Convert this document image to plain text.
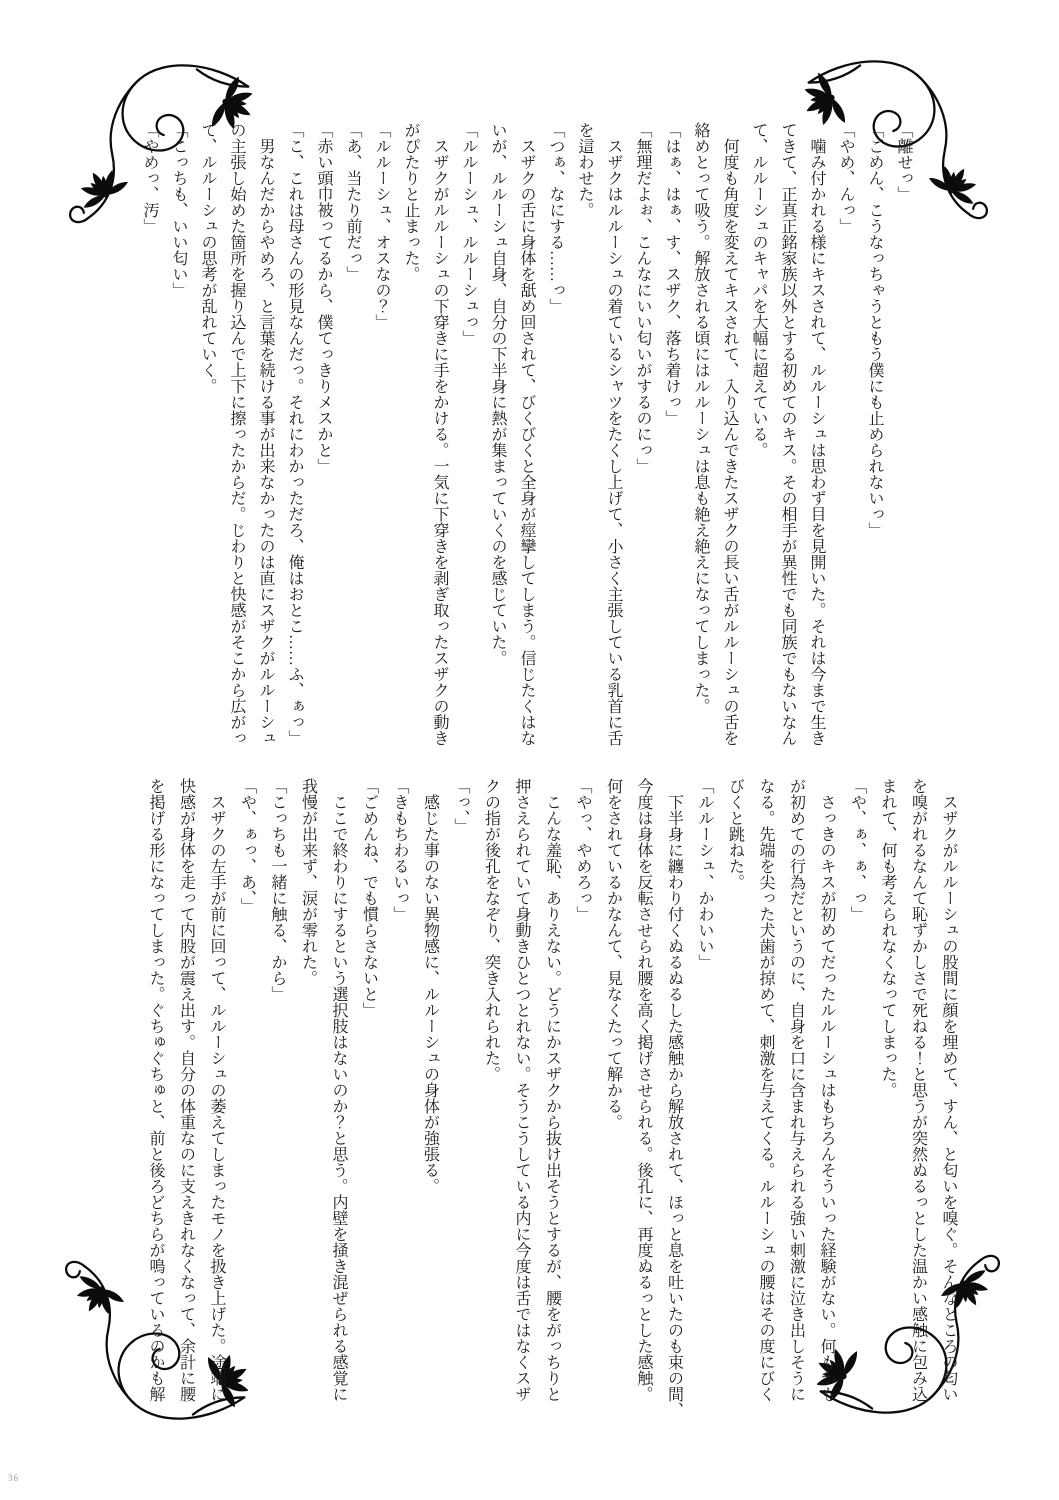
「離せっ」

「ごめん、こうなっちゃうともう僕にも止められないっ」

「やめ、んっ」

　噛み付かれる様にキスされて、ルルーシュは思わず目を見開いた。それは今まで生き

てきて、正真正銘家族以外とする初めてのキス。その相手が異性でも同族でもないなん

て、ルルーシュのキャパを大幅に超えている。

　何度も角度を変えてキスされて、入り込んできたスザクの長い舌がルルーシュの舌を

絡めとって吸う。解放される頃にはルルーシュは息も絶え絶えになってしまった。

「はぁ、はぁ、す、スザク、落ち着けっ」

「無理だよぉ、こんなにいい匂いがするのにっ」

　スザクはルルーシュの着ているシャツをたくし上げて、小さく主張している乳首に舌

を這わせた。

「つぁ、なにする……っ」

　スザクの舌に身体を舐め回されて、びくびくと全身が痙攣してしまう。信じたくはな

いが、ルルーシュ自身、自分の下半身に熱が集まっていくのを感じていた。

「ルルーシュ、ルルーシュっ」

　スザクがルルーシュの下穿きに手をかける。一気に下穿きを剥ぎ取ったスザクの動き

がぴたりと止まった。

「ルルーシュ、オスなの？」

「あ、当たり前だっ」

「赤い頭巾被ってるから、僕てっきりメスかと」

「こ、これは母さんの形見なんだっ。それにわかっただろ、俺はおとこ……ふ、ぁっ」

　男なんだからやめろ、と言葉を続ける事が出来なかったのは直にスザクがルルーシュ

の主張し始めた箇所を握り込んで上下に擦ったからだ。じわりと快感がそこから広がっ

て、ルルーシュの思考が乱れていく。

「こっちも、いい匂い」

「やめっ、汚」

　スザクがルルーシュの股間に顔を埋めて、すん、と匂いを嗅ぐ。そんなところの匂い

を嗅がれるなんて恥ずかしさで死ねる！と思うが突然ぬるっとした温かい感触に包み込

まれて、何も考えられなくなってしまった。

「や、ぁ、ぁ、っ」

　さっきのキスが初めてだったルルーシュはもちろんそういった経験がない。何もかも

が初めての行為だというのに、自身を口に含まれ与えられる強い刺激に泣き出しそうに

なる。先端を尖った犬歯が掠めて、刺激を与えてくる。ルルーシュの腰はその度にびく

びくと跳ねた。

「ルルーシュ、かわいい」

　下半身に纏わり付くぬるぬるした感触から解放されて、ほっと息を吐いたのも束の間、

今度は身体を反転させられ腰を高く掲げさせられる。後孔に、再度ぬるっとした感触。

何をされているかなんて、見なくたって解かる。

「やっ、やめろっ」

　こんな羞恥、ありえない。どうにかスザクから抜け出そうとするが、腰をがっちりと

押さえられていて身動きひとつとれない。そうこうしている内に今度は舌ではなくスザ

クの指が後孔をなぞり、突き入れられた。

「っ、」

　感じた事のない異物感に、ルルーシュの身体が強張る。

「きもちわるいっ」

「ごめんね、でも慣らさないと」

　ここで終わりにするという選択肢はないのか？と思う。内壁を掻き混ぜられる感覚に

我慢が出来ず、涙が零れた。

「こっちも一緒に触る、から」

「や、ぁっ、あ、」

　スザクの左手が前に回って、ルルーシュの萎えてしまったモノを扱き上げた。途端に

快感が身体を走って内股が震え出す。自分の体重なのに支えきれなくなって、余計に腰

を掲げる形になってしまった。ぐちゅぐちゅと、前と後ろどちらが鳴っているのかも解

36
